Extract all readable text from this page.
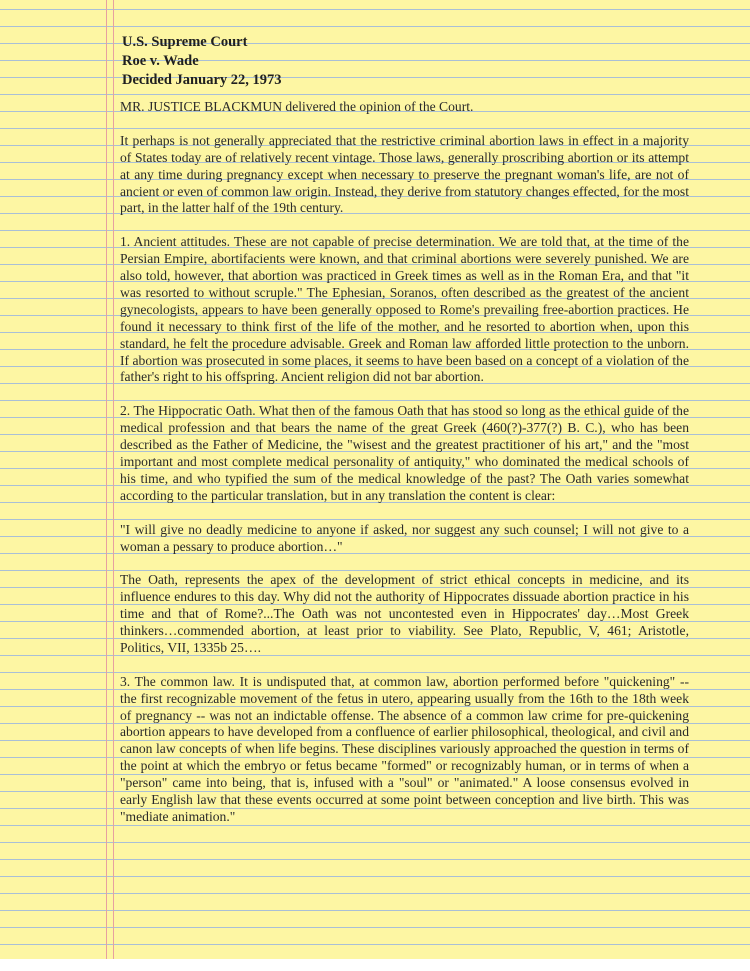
U.S. Supreme Court
Roe v. Wade
Decided January 22, 1973

MR. JUSTICE BLACKMUN delivered the opinion of the Court.

It perhaps is not generally appreciated that the restrictive criminal abortion laws in effect in a majority of States today are of relatively recent vintage. Those laws, generally proscribing abortion or its attempt at any time during pregnancy except when necessary to preserve the pregnant woman's life, are not of ancient or even of common law origin. Instead, they derive from statutory changes effected, for the most part, in the latter half of the 19th century.

1. Ancient attitudes. These are not capable of precise determination. We are told that, at the time of the Persian Empire, abortifacients were known, and that criminal abortions were severely punished. We are also told, however, that abortion was practiced in Greek times as well as in the Roman Era, and that "it was resorted to without scruple." The Ephesian, Soranos, often described as the greatest of the ancient gynecologists, appears to have been generally opposed to Rome's prevailing free-abortion practices. He found it necessary to think first of the life of the mother, and he resorted to abortion when, upon this standard, he felt the procedure advisable. Greek and Roman law afforded little protection to the unborn. If abortion was prosecuted in some places, it seems to have been based on a concept of a violation of the father's right to his offspring. Ancient religion did not bar abortion.

2. The Hippocratic Oath. What then of the famous Oath that has stood so long as the ethical guide of the medical profession and that bears the name of the great Greek (460(?)-377(?) B. C.), who has been described as the Father of Medicine, the "wisest and the greatest practitioner of his art," and the "most important and most complete medical personality of antiquity," who dominated the medical schools of his time, and who typified the sum of the medical knowledge of the past? The Oath varies somewhat according to the particular translation, but in any translation the content is clear:

"I will give no deadly medicine to anyone if asked, nor suggest any such counsel; I will not give to a woman a pessary to produce abortion…"

The Oath, represents the apex of the development of strict ethical concepts in medicine, and its influence endures to this day. Why did not the authority of Hippocrates dissuade abortion practice in his time and that of Rome?...The Oath was not uncontested even in Hippocrates' day…Most Greek thinkers…commended abortion, at least prior to viability. See Plato, Republic, V, 461; Aristotle, Politics, VII, 1335b 25….

3. The common law. It is undisputed that, at common law, abortion performed before "quickening" -- the first recognizable movement of the fetus in utero, appearing usually from the 16th to the 18th week of pregnancy -- was not an indictable offense. The absence of a common law crime for pre-quickening abortion appears to have developed from a confluence of earlier philosophical, theological, and civil and canon law concepts of when life begins. These disciplines variously approached the question in terms of the point at which the embryo or fetus became "formed" or recognizably human, or in terms of when a "person" came into being, that is, infused with a "soul" or "animated." A loose consensus evolved in early English law that these events occurred at some point between conception and live birth. This was "mediate animation."
